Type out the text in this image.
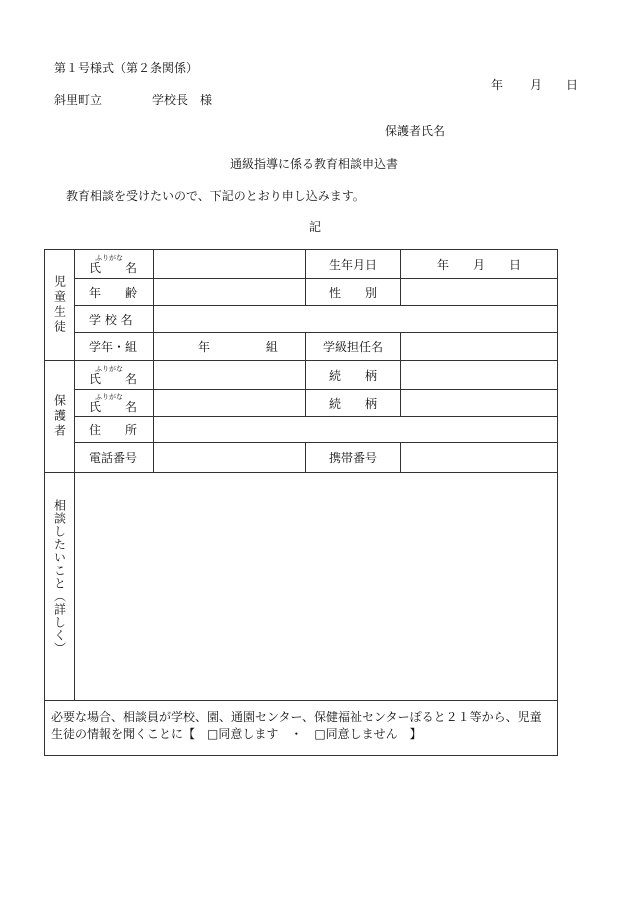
第１号様式（第２条関係）
年 月 日
斜里町立	学校長　様
保護者氏名
通級指導に係る教育相談申込書
教育相談を受けたいので、下記のとおり申し込みます。
記
児童生徒	ふりがな
氏　　名		生年月日	年　　月　　日
	年　　齢		性　　別	
	学 校 名			
	学年・組	年 組	学級担任名	

保護者	ふりがな
氏　　名		続　　柄	

	ふりがな
氏　　名		続　　柄	
	住　　所			
	電話番号		携帯番号	

相談したいこと（詳しく）				

必要な場合、相談員が学校、園、通園センター、保健福祉センターぽると２１等から、児童生徒の情報を聞くことに【　□同意します　・　□同意しません　】				
